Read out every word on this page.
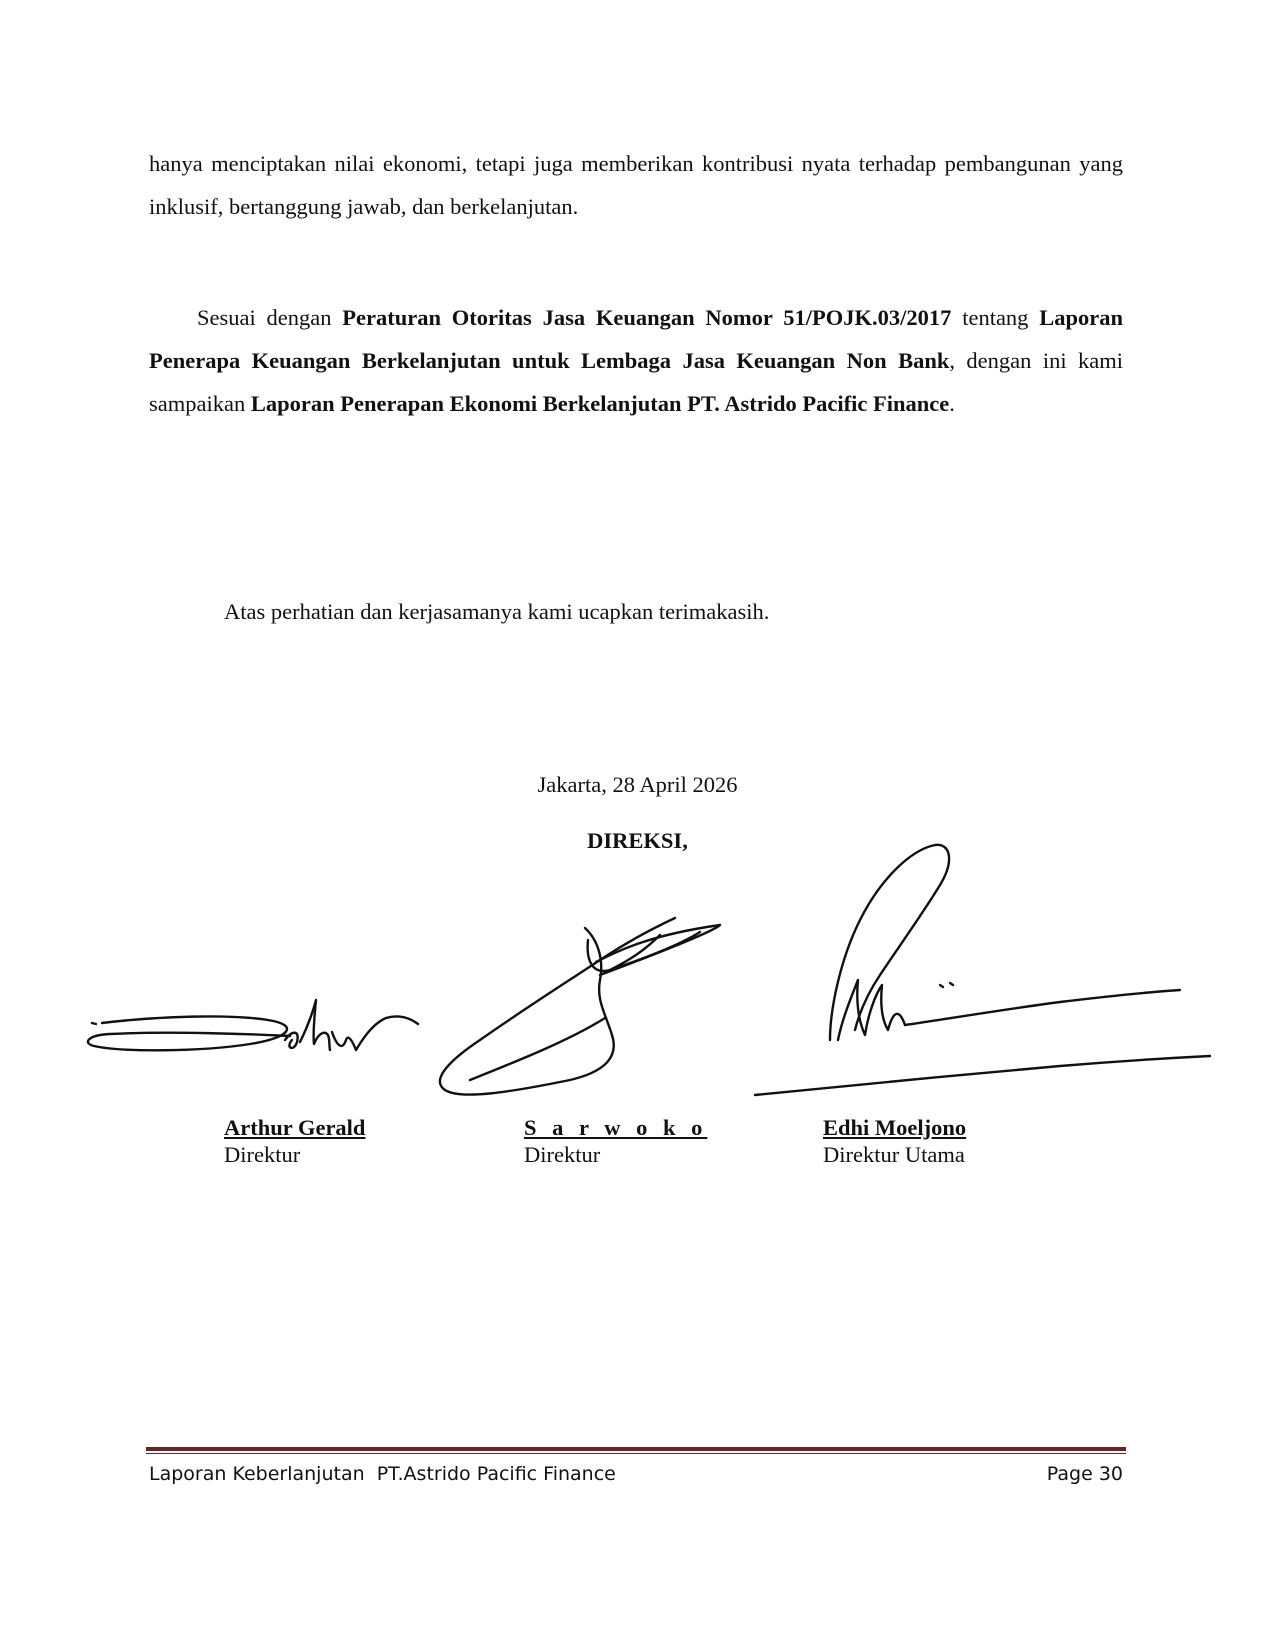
hanya menciptakan nilai ekonomi, tetapi juga memberikan kontribusi nyata terhadap pembangunan yang inklusif, bertanggung jawab, dan berkelanjutan.

Sesuai dengan Peraturan Otoritas Jasa Keuangan Nomor 51/POJK.03/2017 tentang Laporan Penerapa Keuangan Berkelanjutan untuk Lembaga Jasa Keuangan Non Bank, dengan ini kami sampaikan Laporan Penerapan Ekonomi Berkelanjutan PT. Astrido Pacific Finance.

Atas perhatian dan kerjasamanya kami ucapkan terimakasih.

Jakarta, 28 April 2026
DIREKSI,
Arthur Gerald
Direktur
S a r w o k o
Direktur
Edhi Moeljono
Direktur Utama
Laporan Keberlanjutan  PT.Astrido Pacific Finance	Page 30
